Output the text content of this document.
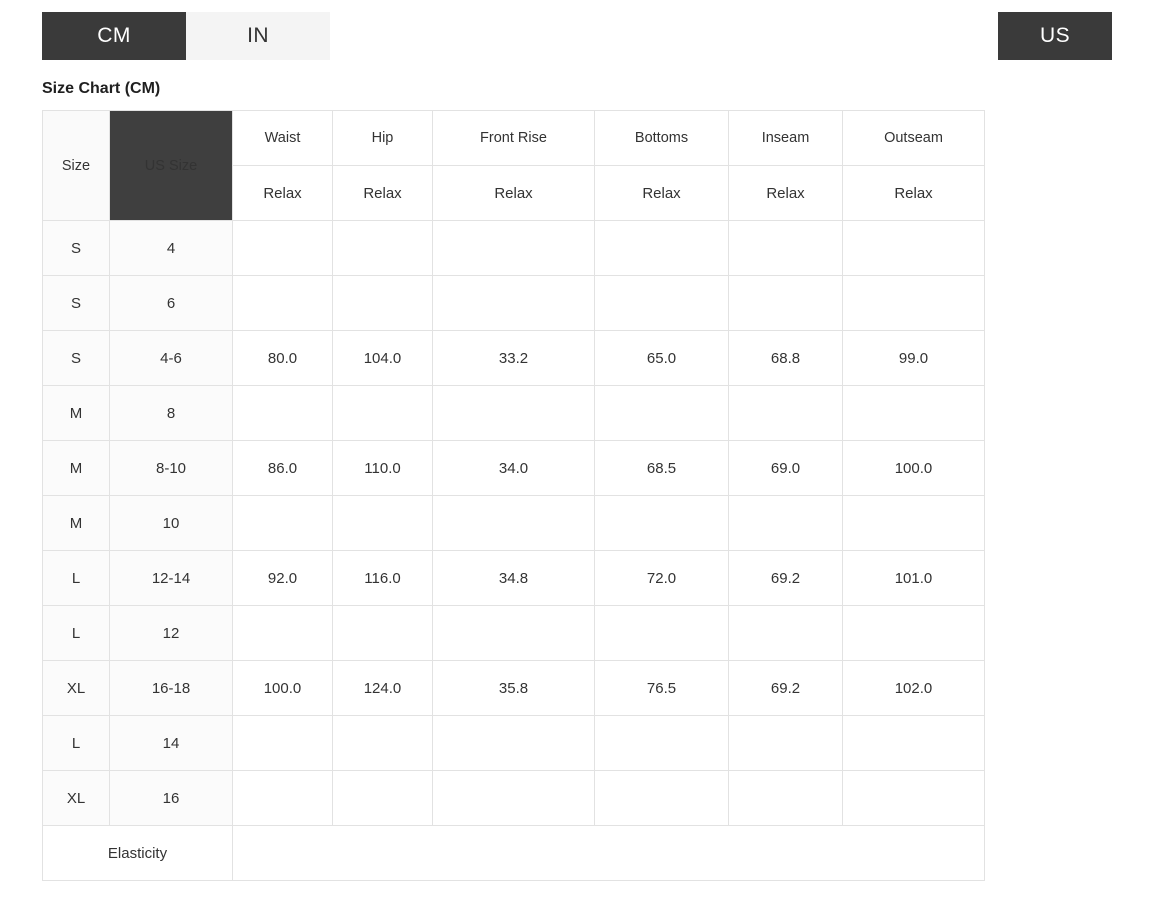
CM	IN	US
Size Chart (CM)
Size	US Size	Waist	Hip	Front Rise	Bottoms	Inseam	Outseam
		Relax	Relax	Relax	Relax	Relax	Relax
S	4						
S	6						
S	4-6	80.0	104.0	33.2	65.0	68.8	99.0
M	8						
M	8-10	86.0	110.0	34.0	68.5	69.0	100.0
M	10						
L	12-14	92.0	116.0	34.8	72.0	69.2	101.0
L	12						
XL	16-18	100.0	124.0	35.8	76.5	69.2	102.0
L	14						
XL	16						
Elasticity							
